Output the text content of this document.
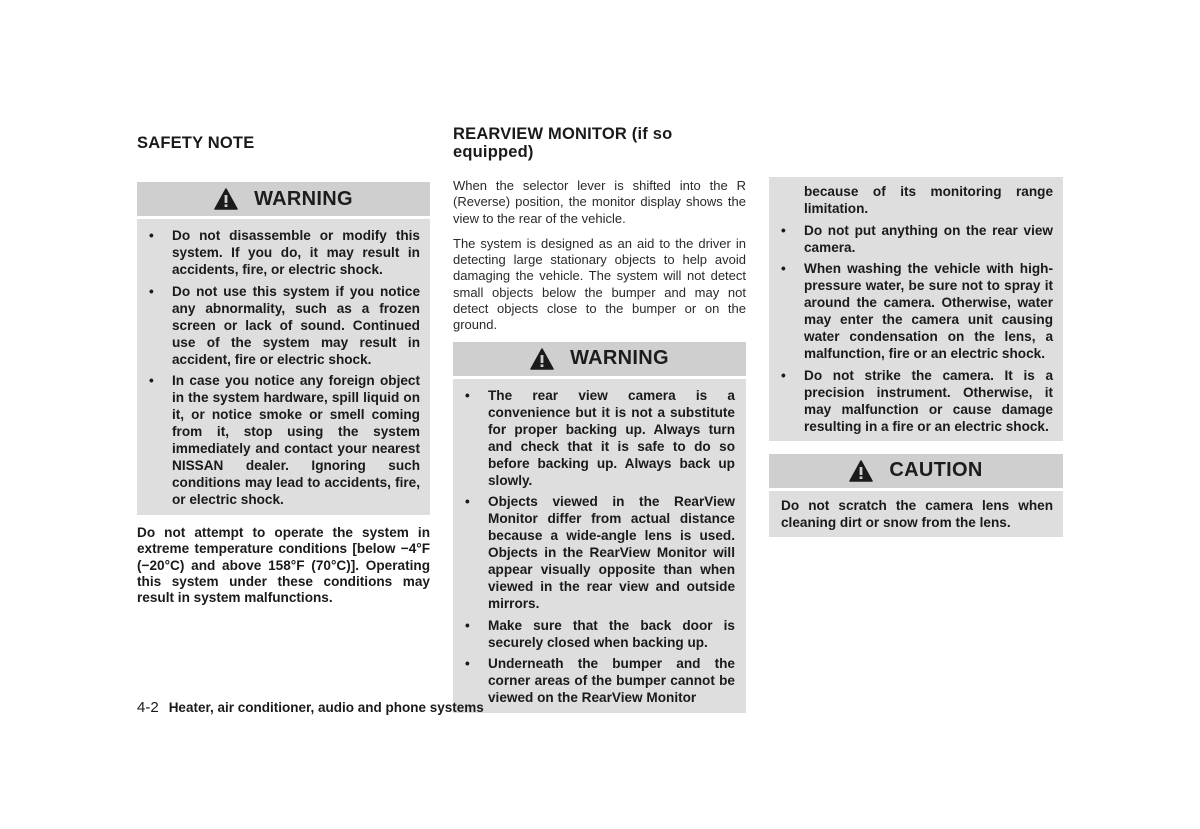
SAFETY NOTE
WARNING
•	Do not disassemble or modify this system. If you do, it may result in accidents, fire, or electric shock.
•	Do not use this system if you notice any abnormality, such as a frozen screen or lack of sound. Continued use of the system may result in accident, fire or electric shock.
•	In case you notice any foreign object in the system hardware, spill liquid on it, or notice smoke or smell coming from it, stop using the system immediately and contact your nearest NISSAN dealer. Ignoring such conditions may lead to accidents, fire, or electric shock.

Do not attempt to operate the system in extreme temperature conditions [below −4°F (−20°C) and above 158°F (70°C)]. Operating this system under these conditions may result in system malfunctions.

REARVIEW MONITOR (if so
equipped)

When the selector lever is shifted into the R (Reverse) position, the monitor display shows the view to the rear of the vehicle.

The system is designed as an aid to the driver in detecting large stationary objects to help avoid damaging the vehicle. The system will not detect small objects below the bumper and may not detect objects close to the bumper or on the ground.

WARNING
•	The rear view camera is a convenience but it is not a substitute for proper backing up. Always turn and check that it is safe to do so before backing up. Always back up slowly.
•	Objects viewed in the RearView Monitor differ from actual distance because a wide-angle lens is used. Objects in the RearView Monitor will appear visually opposite than when viewed in the rear view and outside mirrors.
•	Make sure that the back door is securely closed when backing up.
•	Underneath the bumper and the corner areas of the bumper cannot be viewed on the RearView Monitor
because of its monitoring range limitation.
•	Do not put anything on the rear view camera.
•	When washing the vehicle with high-pressure water, be sure not to spray it around the camera. Otherwise, water may enter the camera unit causing water condensation on the lens, a malfunction, fire or an electric shock.
•	Do not strike the camera. It is a precision instrument. Otherwise, it may malfunction or cause damage resulting in a fire or an electric shock.
CAUTION

Do not scratch the camera lens when cleaning dirt or snow from the lens.

4-2 Heater, air conditioner, audio and phone systems
